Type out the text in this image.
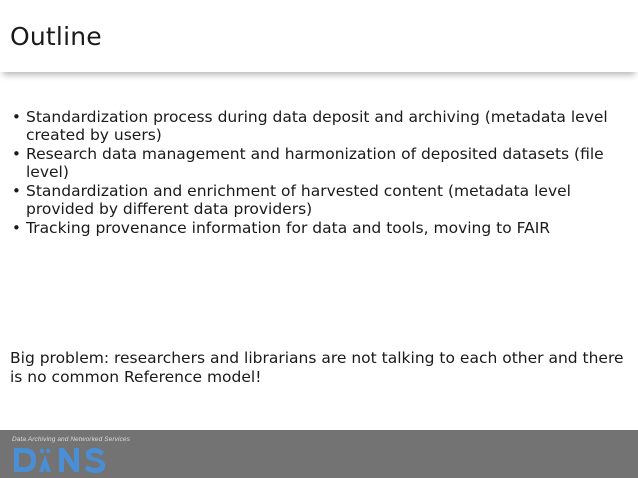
Outline
• Standardization process during data deposit and archiving (metadata level created by users)
• Research data management and harmonization of deposited datasets (file level)
• Standardization and enrichment of harvested content (metadata level provided by different data providers)
• Tracking provenance information for data and tools, moving to FAIR
Big problem: researchers and librarians are not talking to each other and there is no common Reference model!
Data Archiving and Networked Services
